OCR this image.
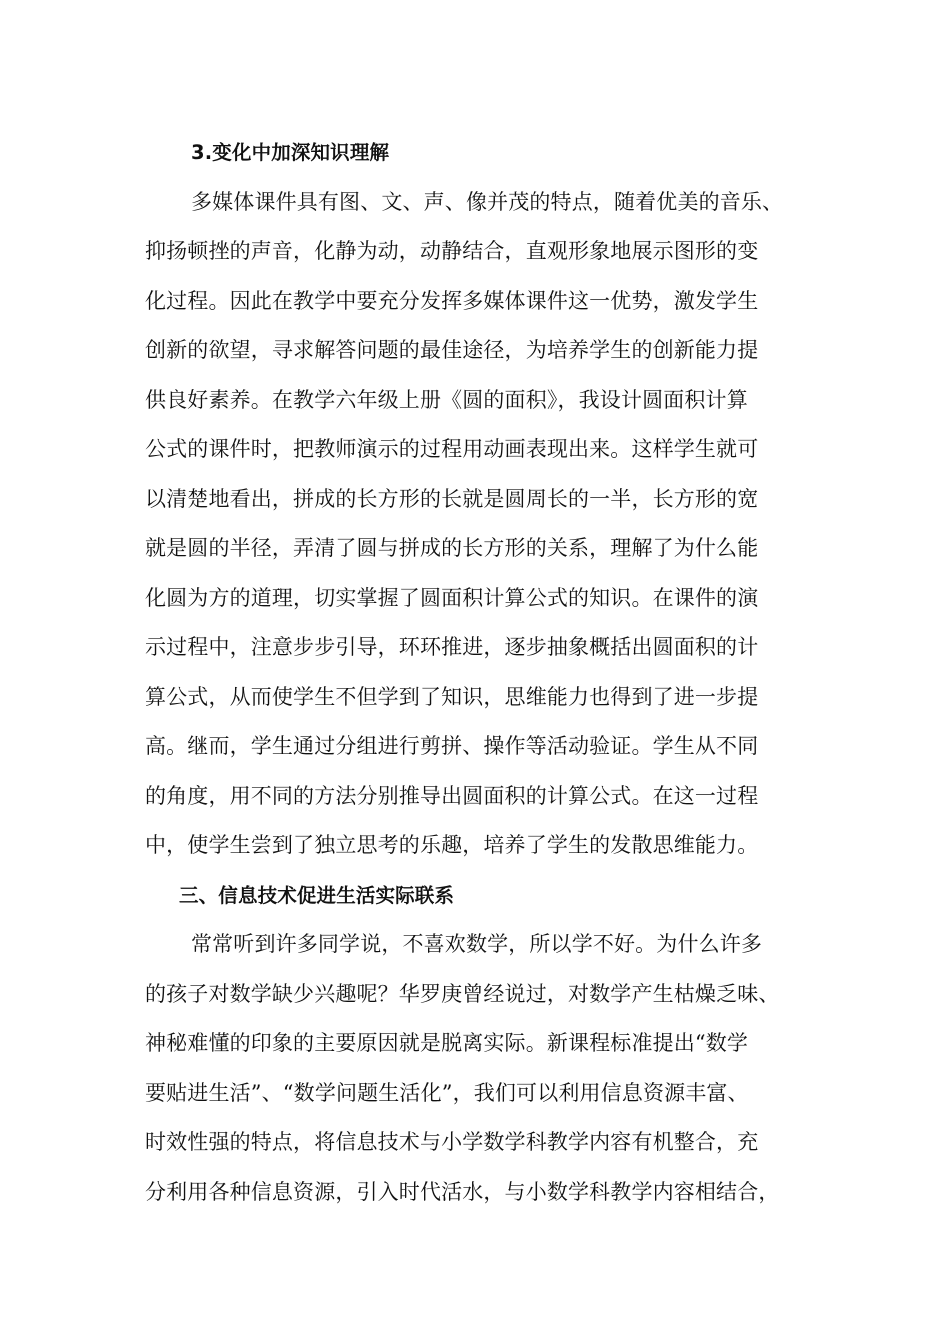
3.变化中加深知识理解
多媒体课件具有图、文、声、像并茂的特点，随着优美的音乐、
抑扬顿挫的声音，化静为动，动静结合，直观形象地展示图形的变
化过程。因此在教学中要充分发挥多媒体课件这一优势，激发学生
创新的欲望，寻求解答问题的最佳途径，为培养学生的创新能力提
供良好素养。在教学六年级上册《圆的面积》，我设计圆面积计算
公式的课件时，把教师演示的过程用动画表现出来。这样学生就可
以清楚地看出，拼成的长方形的长就是圆周长的一半，长方形的宽
就是圆的半径，弄清了圆与拼成的长方形的关系，理解了为什么能
化圆为方的道理，切实掌握了圆面积计算公式的知识。在课件的演
示过程中，注意步步引导，环环推进，逐步抽象概括出圆面积的计
算公式，从而使学生不但学到了知识，思维能力也得到了进一步提
高。继而，学生通过分组进行剪拼、操作等活动验证。学生从不同
的角度，用不同的方法分别推导出圆面积的计算公式。在这一过程
中，使学生尝到了独立思考的乐趣，培养了学生的发散思维能力。
三、信息技术促进生活实际联系
常常听到许多同学说，不喜欢数学，所以学不好。为什么许多
的孩子对数学缺少兴趣呢？华罗庚曾经说过，对数学产生枯燥乏味、
神秘难懂的印象的主要原因就是脱离实际。新课程标准提出“数学
要贴进生活”、“数学问题生活化”，我们可以利用信息资源丰富、
时效性强的特点，将信息技术与小学数学科教学内容有机整合，充
分利用各种信息资源，引入时代活水，与小数学科教学内容相结合，
